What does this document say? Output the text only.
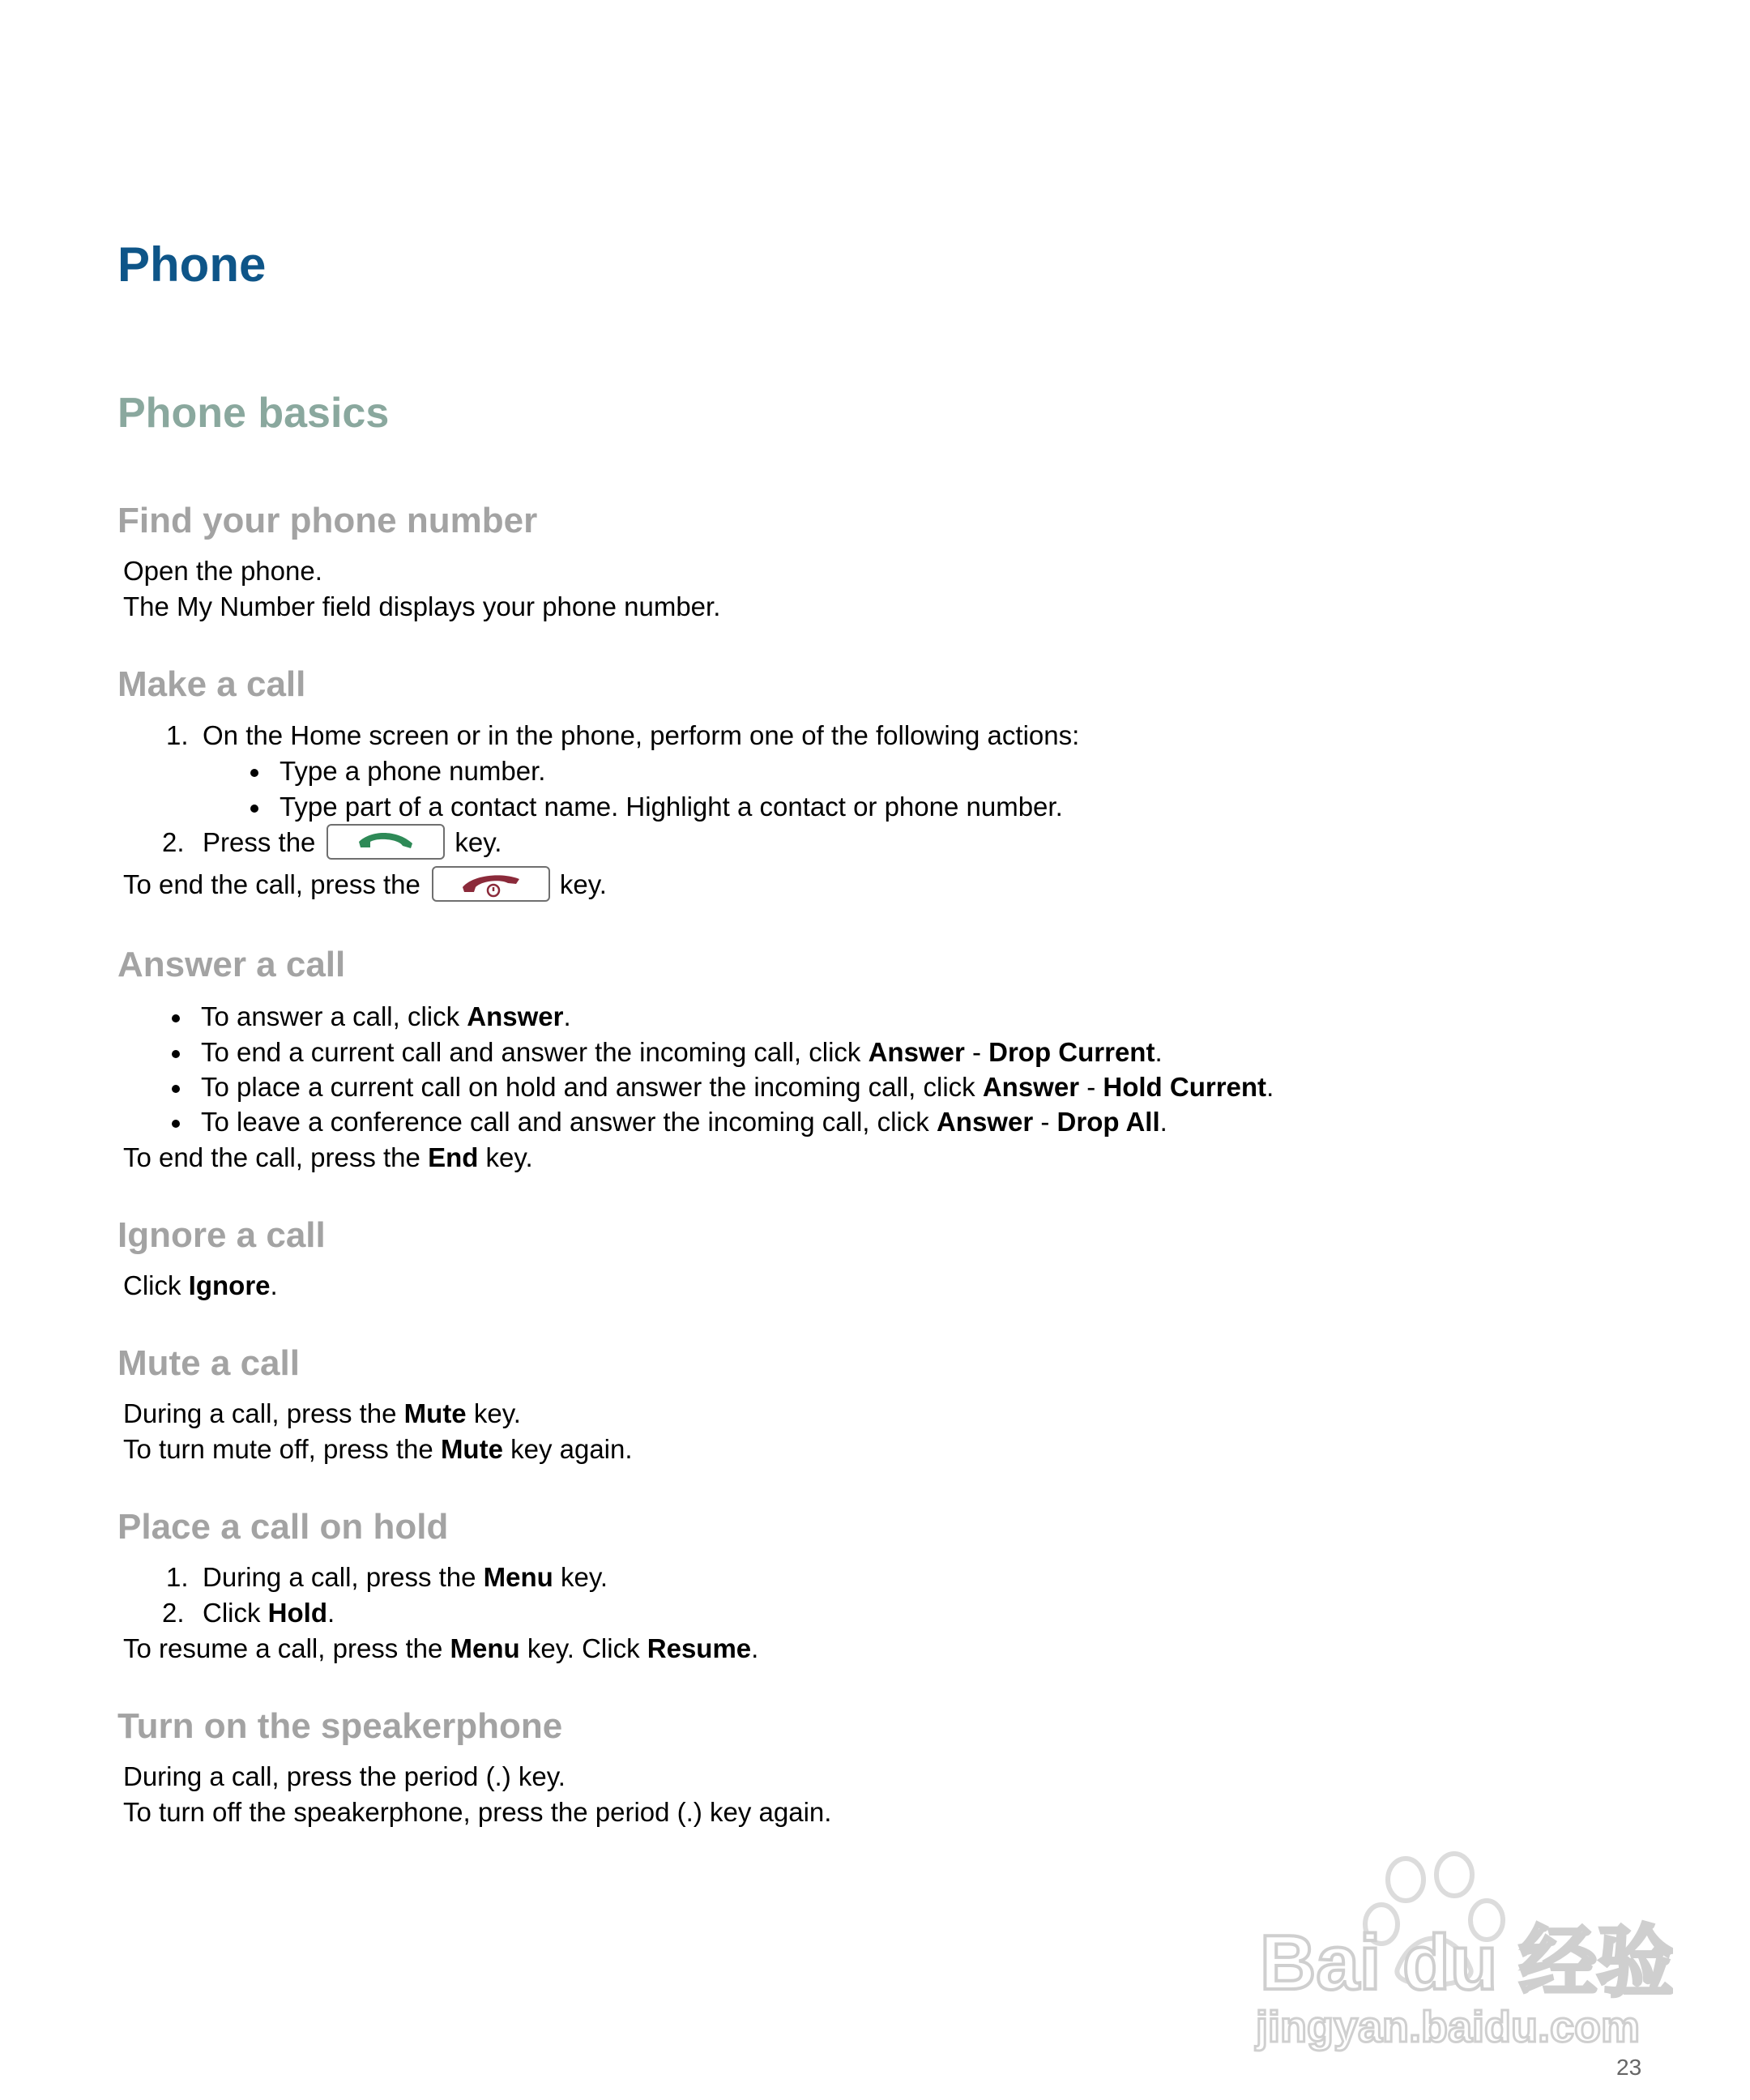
Phone
Phone basics
Find your phone number

Open the phone.

The My Number field displays your phone number.

Make a call

1. On the Home screen or in the phone, perform one of the following actions:

Type a phone number.

Type part of a contact name. Highlight a contact or phone number.

2. Press the	key.

To end the call, press the	key.

Answer a call

To answer a call, click Answer.

To end a current call and answer the incoming call, click Answer - Drop Current.

To place a current call on hold and answer the incoming call, click Answer - Hold Current.

To leave a conference call and answer the incoming call, click Answer - Drop All.

To end the call, press the End key.

Ignore a call

Click Ignore.

Mute a call

During a call, press the Mute key.

To turn mute off, press the Mute key again.

Place a call on hold

1. During a call, press the Menu key.

2. Click Hold.

To resume a call, press the Menu key. Click Resume.

Turn on the speakerphone

During a call, press the period (.) key.

To turn off the speakerphone, press the period (.) key again.

Bai du 经验
jingyan.baidu.com
23
